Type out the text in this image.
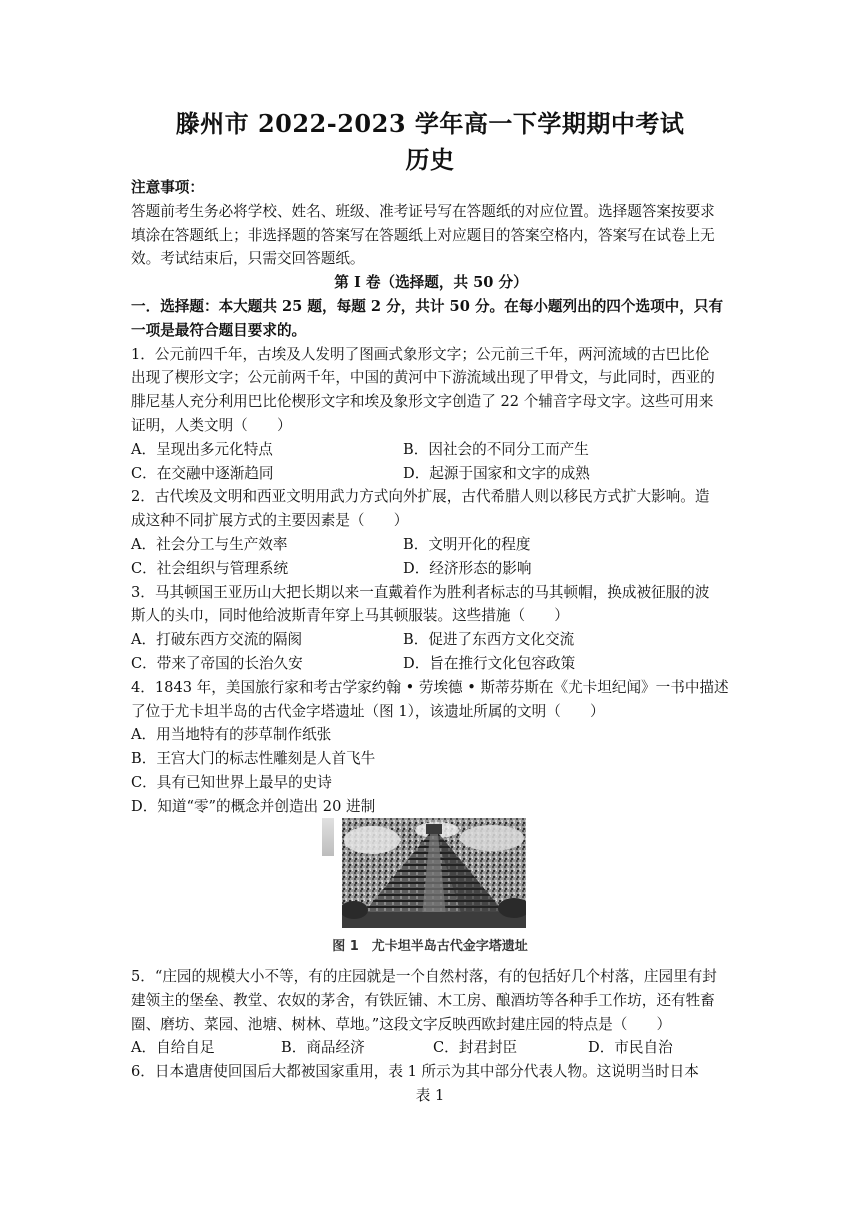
滕州市 2022-2023 学年高一下学期期中考试
历史
注意事项：
答题前考生务必将学校、姓名、班级、准考证号写在答题纸的对应位置。选择题答案按要求
填涂在答题纸上；非选择题的答案写在答题纸上对应题目的答案空格内，答案写在试卷上无
效。考试结束后，只需交回答题纸。
第 I 卷（选择题，共 50 分）
一．选择题：本大题共 25 题，每题 2 分，共计 50 分。在每小题列出的四个选项中，只有
一项是最符合题目要求的。
1．公元前四千年，古埃及人发明了图画式象形文字；公元前三千年，两河流域的古巴比伦
出现了楔形文字；公元前两千年，中国的黄河中下游流域出现了甲骨文，与此同时，西亚的
腓尼基人充分利用巴比伦楔形文字和埃及象形文字创造了 22 个辅音字母文字。这些可用来
证明，人类文明（　　）
A．呈现出多元化特点	B．因社会的不同分工而产生
C．在交融中逐渐趋同	D．起源于国家和文字的成熟
2．古代埃及文明和西亚文明用武力方式向外扩展，古代希腊人则以移民方式扩大影响。造
成这种不同扩展方式的主要因素是（　　）
A．社会分工与生产效率	B．文明开化的程度
C．社会组织与管理系统	D．经济形态的影响
3．马其顿国王亚历山大把长期以来一直戴着作为胜利者标志的马其顿帽，换成被征服的波
斯人的头巾，同时他给波斯青年穿上马其顿服装。这些措施（　　）
A．打破东西方交流的隔阂	B．促进了东西方文化交流
C．带来了帝国的长治久安	D．旨在推行文化包容政策
4．1843 年，美国旅行家和考古学家约翰 • 劳埃德 • 斯蒂芬斯在《尤卡坦纪闻》一书中描述
了位于尤卡坦半岛的古代金字塔遗址（图 1），该遗址所属的文明（　　）
A．用当地特有的莎草制作纸张
B．王宫大门的标志性雕刻是人首飞牛
C．具有已知世界上最早的史诗
D．知道“零”的概念并创造出 20 进制
图 1　尤卡坦半岛古代金字塔遗址
5．“庄园的规模大小不等，有的庄园就是一个自然村落，有的包括好几个村落，庄园里有封
建领主的堡垒、教堂、农奴的茅舍，有铁匠铺、木工房、酿酒坊等各种手工作坊，还有牲畜
圈、磨坊、菜园、池塘、树林、草地。”这段文字反映西欧封建庄园的特点是（　　）
A．自给自足	B．商品经济	C．封君封臣	D．市民自治
6．日本遣唐使回国后大都被国家重用，表 1 所示为其中部分代表人物。这说明当时日本
表 1
